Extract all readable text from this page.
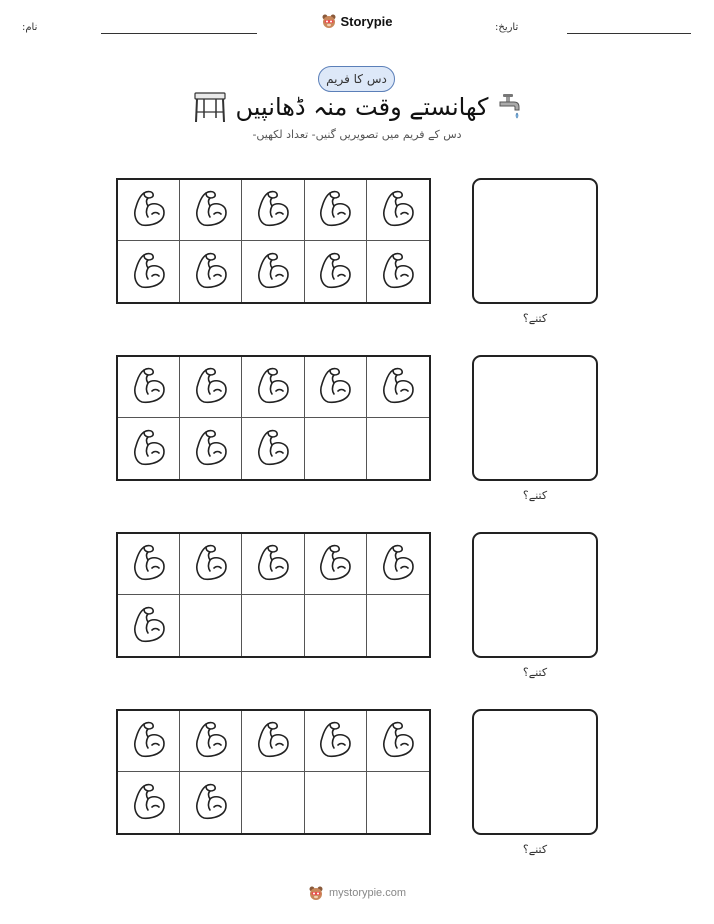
نام:	Storypie	تاریخ:
دس کا فریم
کھانستے وقت منہ ڈھانپیں
دس کے فریم میں تصویریں گنیں- تعداد لکھیں-
کتنے؟
کتنے؟
کتنے؟
کتنے؟
mystorypie.com
